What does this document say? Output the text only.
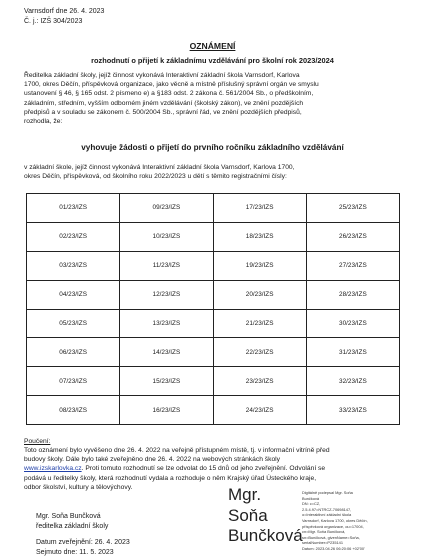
Varnsdorf dne 26. 4. 2023
Č. j.: IZŠ 304/2023
OZNÁMENÍ
rozhodnutí o přijetí k základnímu vzdělávání pro školní rok 2023/2024
Ředitelka základní školy, jejíž činnost vykonává Interaktivní základní škola Varnsdorf, Karlova
1700, okres Děčín, příspěvková organizace, jako věcně a místně příslušný správní orgán ve smyslu
ustanovení § 46, § 165 odst. 2 písmeno e) a §183 odst. 2 zákona č. 561/2004 Sb., o předškolním,
základním, středním, vyšším odborném jiném vzdělávání (školský zákon), ve znění pozdějších
předpisů a v souladu se zákonem č. 500/2004 Sb., správní řád, ve znění pozdějších předpisů,
rozhodla, že:
vyhovuje žádosti o přijetí do prvního ročníku základního vzdělávání
v základní škole, jejíž činnost vykonává Interaktivní základní škola Varnsdorf, Karlova 1700,
okres Děčín, příspěvková, od školního roku 2022/2023 u dětí s těmito registračními čísly:
01/23/IZS	09/23/IZS	17/23/IZS	25/23/IZS
02/23/IZS	10/23/IZS	18/23/IZS	26/23/IZS
03/23/IZS	11/23/IZS	19/23/IZS	27/23/IZS
04/23/IZS	12/23/IZS	20/23/IZS	28/23/IZS
05/23/IZS	13/23/IZS	21/23/IZS	30/23/IZS
06/23/IZS	14/23/IZS	22/23/IZS	31/23/IZS
07/23/IZS	15/23/IZS	23/23/IZS	32/23/IZS
08/23/IZS	16/23/IZS	24/23/IZS	33/23/IZS
Poučení:
Toto oznámení bylo vyvěšeno dne 26. 4. 2022 na veřejně přístupném místě, tj. v informační vitríně před
budovy školy. Dále bylo také zveřejněno dne 26. 4. 2022 na webových stránkách školy
www.izskarlovka.cz. Proti tomuto rozhodnutí se lze odvolat do 15 dnů od jeho zveřejnění. Odvolání se
podává u ředitelky školy, která rozhodnutí vydala a rozhoduje o něm Krajský úřad Ústeckého kraje,
odbor školství, kultury a tělovýchovy.
Mgr. Soňa Bunčková
ředitelka základní školy
Datum zveřejnění: 26. 4. 2023
Sejmuto dne: 11. 5. 2023
Mgr.
Soňa
Bunčková
Digitálně podepsal Mgr. Soňa
Bunčková
DN: c=CZ,
2.5.4.97=NTRCZ-70698147,
o=Interaktivní základní škola
Varnsdorf, Karlova 1700, okres Děčín,
příspěvková organizace, ou=17004,
cn=Mgr. Soňa Bunčková,
sn=Bunčková, givenName=Soňa,
serialNumber=P235141
Datum: 2023.04.26 06:20:06 +02'00'
